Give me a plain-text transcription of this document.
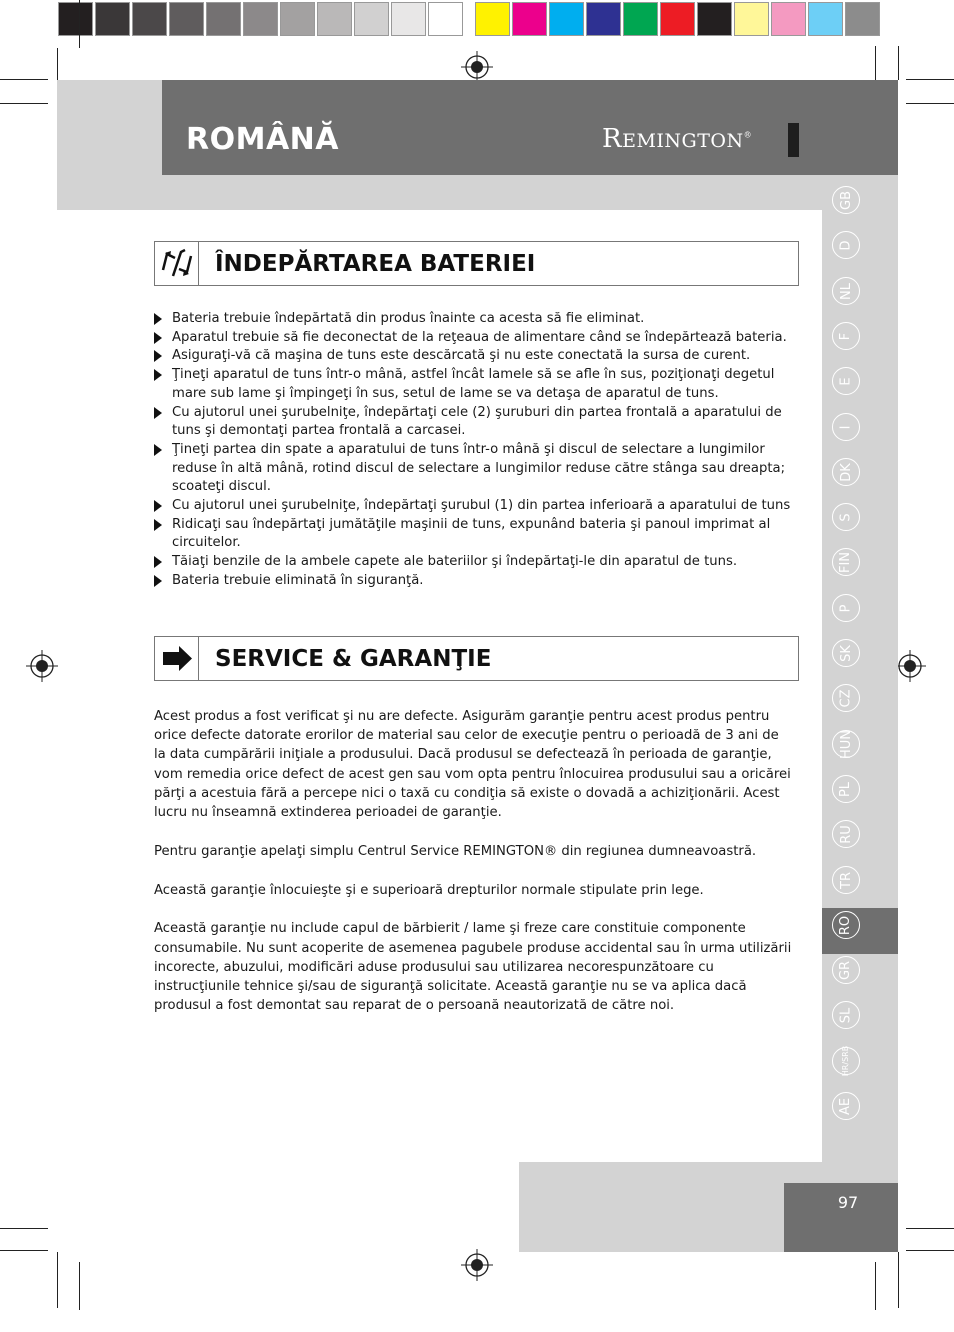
ROMÂNĂ	REMINGTON®
GB
D
NL
F
E
I
DK
S
FIN
P
SK
CZ
HUN
PL
RU
TR
RO
GR
SL
HR/SRB
AE
ÎNDEPĂRTAREA BATERIEI
Bateria trebuie îndepărtată din produs înainte ca acesta să fie eliminat.
Aparatul trebuie să fie deconectat de la reţeaua de alimentare când se îndepărtează bateria.
Asiguraţi-vă că maşina de tuns este descărcată şi nu este conectată la sursa de curent.
Ţineţi aparatul de tuns într-o mână, astfel încât lamele să se afle în sus, poziţionaţi degetul mare sub lame şi împingeţi în sus, setul de lame se va detaşa de aparatul de tuns.
Cu ajutorul unei şurubelniţe, îndepărtaţi cele (2) şuruburi din partea frontală a aparatului de tuns şi demontaţi partea frontală a carcasei.
Ţineţi partea din spate a aparatului de tuns într-o mână şi discul de selectare a lungimilor reduse în altă mână, rotind discul de selectare a lungimilor reduse către stânga sau dreapta; scoateţi discul.
Cu ajutorul unei şurubelniţe, îndepărtaţi şurubul (1) din partea inferioară a aparatului de tuns
Ridicaţi sau îndepărtaţi jumătăţile maşinii de tuns, expunând bateria şi panoul imprimat al circuitelor.
Tăiaţi benzile de la ambele capete ale bateriilor şi îndepărtaţi-le din aparatul de tuns.
Bateria trebuie eliminată în siguranţă.
SERVICE & GARANŢIE

Acest produs a fost verificat şi nu are defecte. Asigurăm garanţie pentru acest produs pentru orice defecte datorate erorilor de material sau celor de execuţie pentru o perioadă de 3 ani de la data cumpărării iniţiale a produsului. Dacă produsul se defectează în perioada de garanţie, vom remedia orice defect de acest gen sau vom opta pentru înlocuirea produsului sau a oricărei părţi a acestuia fără a percepe nici o taxă cu condiţia să existe o dovadă a achiziţionării. Acest lucru nu înseamnă extinderea perioadei de garanţie.

Pentru garanţie apelaţi simplu Centrul Service REMINGTON® din regiunea dumneavoastră.

Această garanţie înlocuieşte şi e superioară drepturilor normale stipulate prin lege.

Această garanţie nu include capul de bărbierit / lame şi freze care constituie componente consumabile. Nu sunt acoperite de asemenea pagubele produse accidental sau în urma utilizării incorecte, abuzului, modificări aduse produsului sau utilizarea necorespunzătoare cu instrucţiunile tehnice şi/sau de siguranţă solicitate. Această garanţie nu se va aplica dacă produsul a fost demontat sau reparat de o persoană neautorizată de către noi.

97
